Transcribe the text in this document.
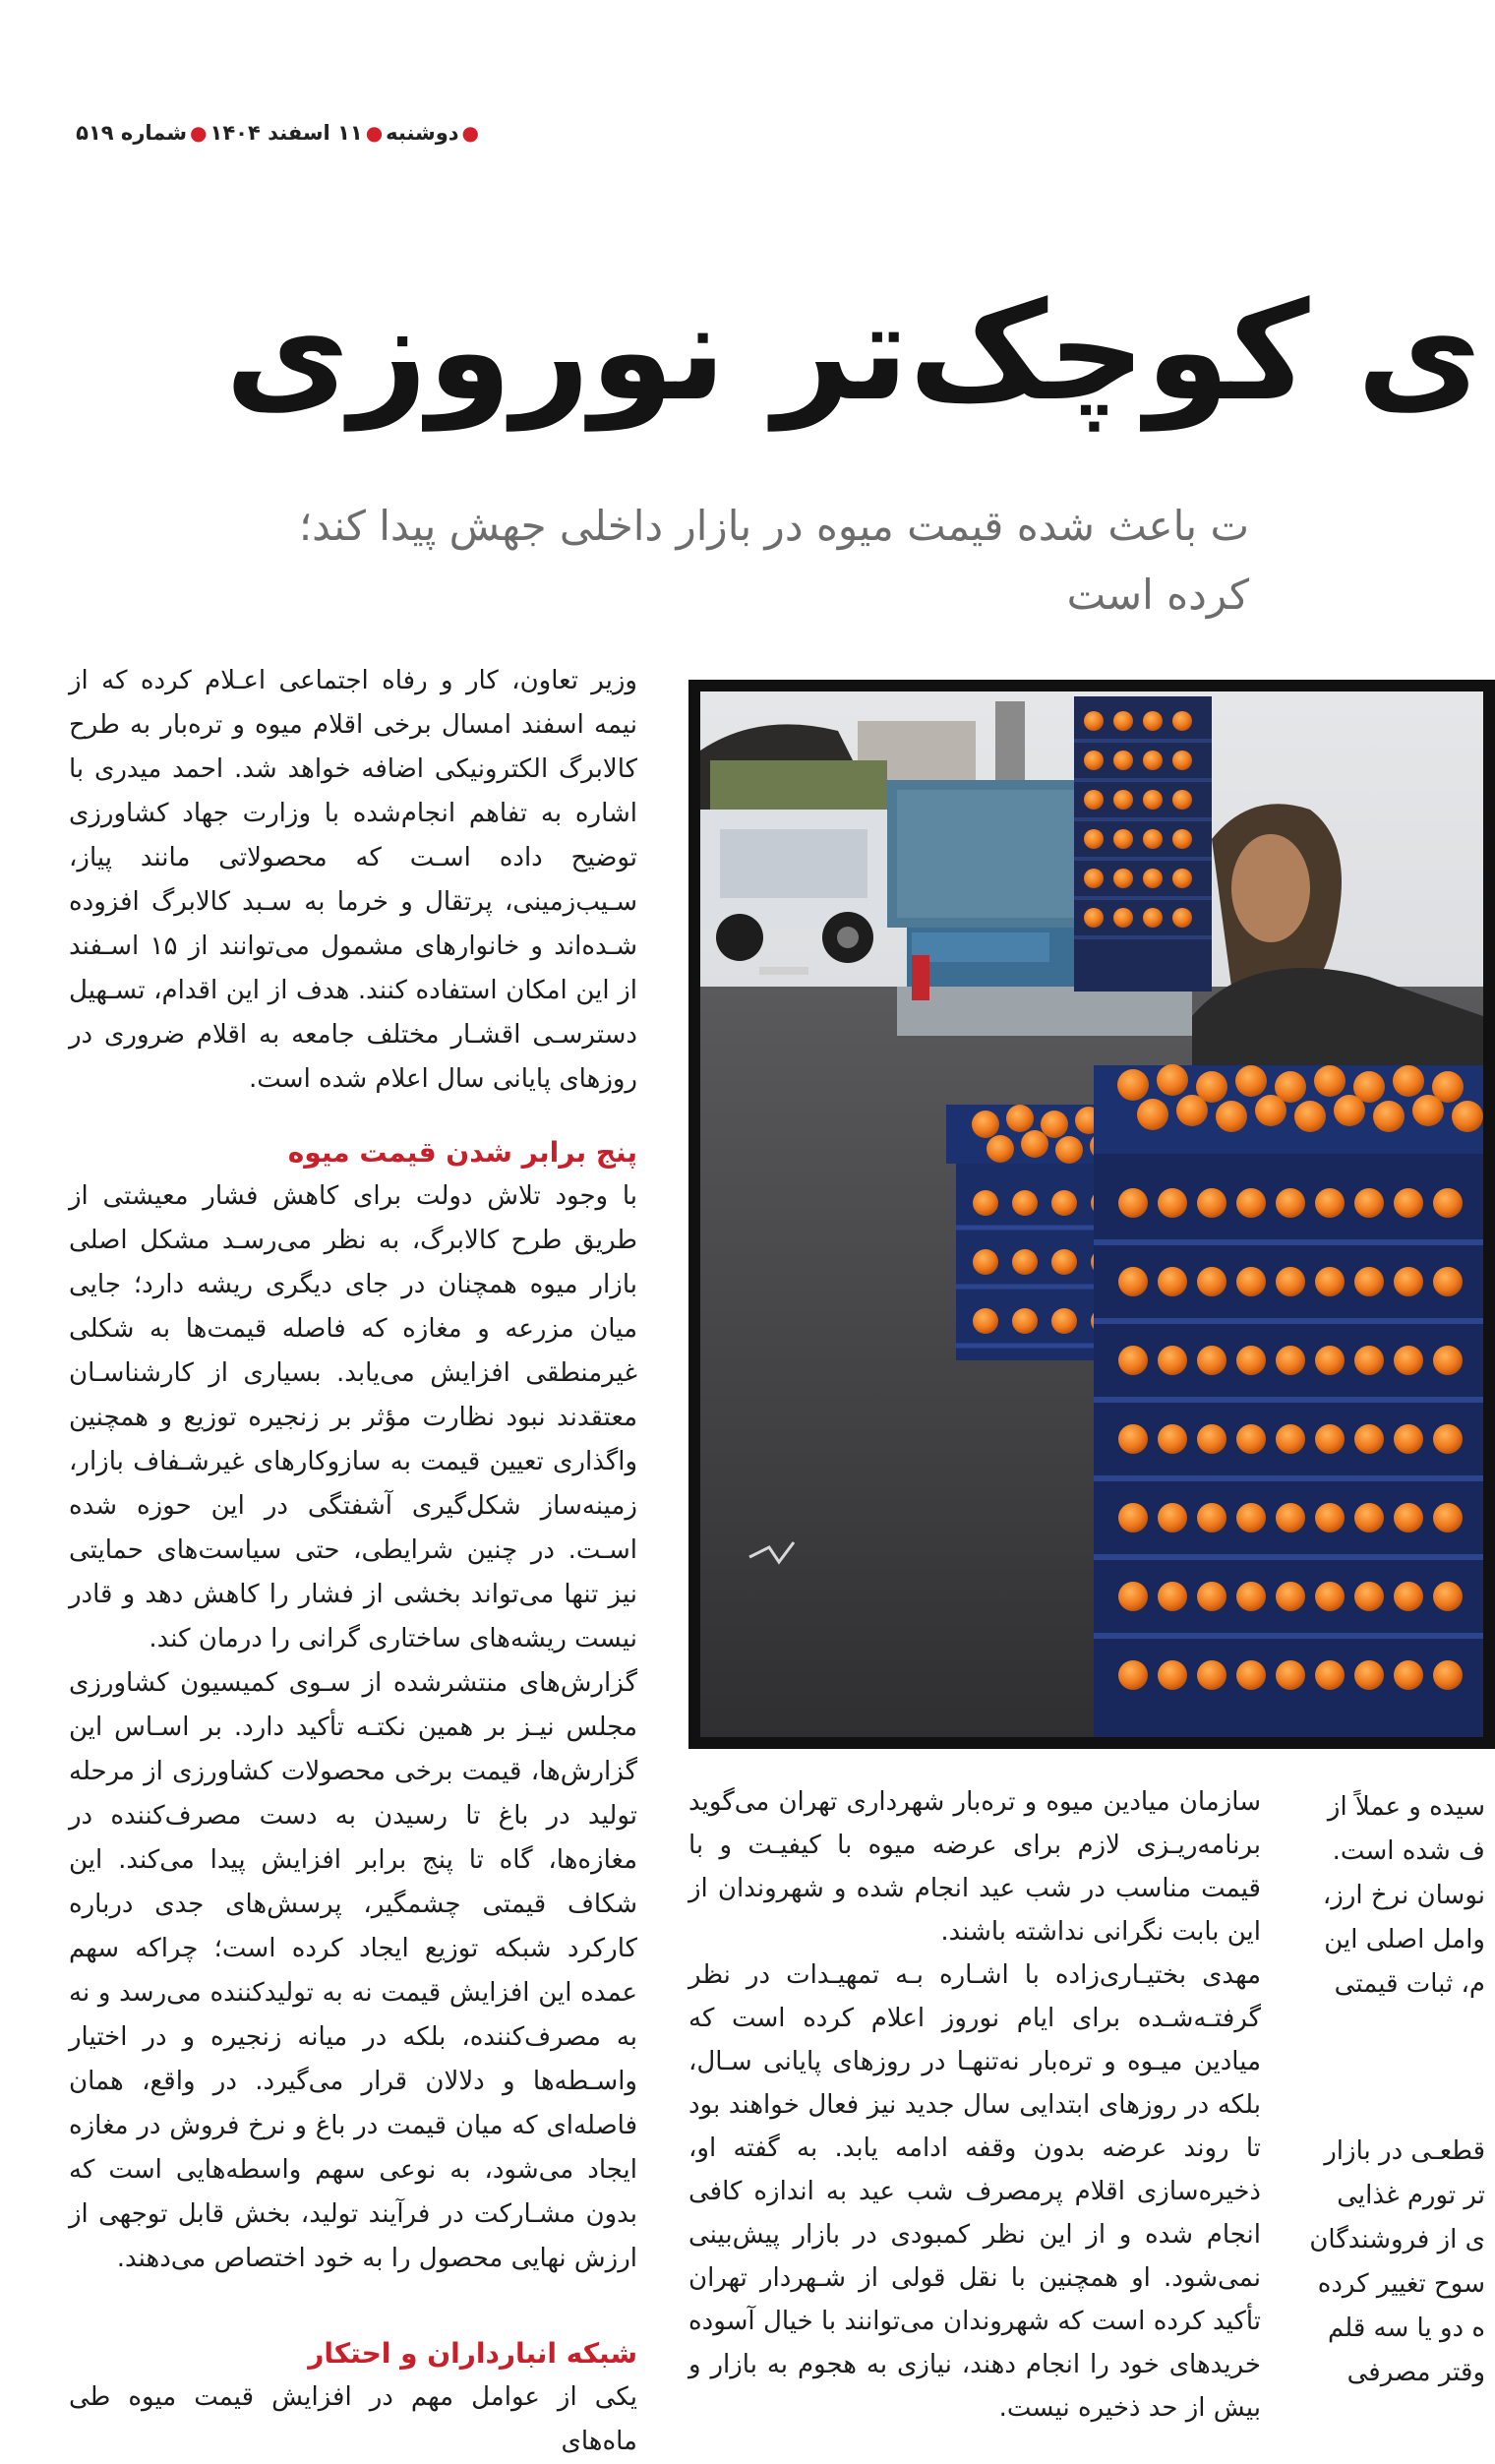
●دوشنبه●۱۱ اسفند ۱۴۰۴●شماره ۵۱۹
ی کوچک‌تر نوروزی
ت باعث شده قیمت میوه در بازار داخلی جهش پیدا کند؛
کرده است

وزیر تعاون، کار و رفاه اجتماعی اعـلام کرده که از نیمه اسفند امسال برخی اقلام میوه و تره‌بار به طرح کالابرگ الکترونیکی اضافه خواهد شد. احمد میدری با اشاره به تفاهم انجام‌شده با وزارت جهاد کشاورزی توضیح داده اسـت که محصولاتی مانند پیاز، سـیب‌زمینی، پرتقال و خرما به سـبد کالابرگ افزوده شـده‌اند و خانوارهای مشمول می‌توانند از ۱۵ اسـفند از این امکان استفاده کنند. هدف از این اقدام، تسـهیل دسترسـی اقشـار مختلف جامعه به اقلام ضروری در روزهای پایانی سال اعلام شده است.

پنج برابر شدن قیمت میوه

با وجود تلاش دولت برای کاهش فشار معیشتی از طریق طرح کالابرگ، به نظر می‌رسـد مشکل اصلی بازار میوه همچنان در جای دیگری ریشه دارد؛ جایی میان مزرعه و مغازه که فاصله قیمت‌ها به شکلی غیرمنطقی افزایش می‌یابد. بسیاری از کارشناسـان معتقدند نبود نظارت مؤثر بر زنجیره توزیع و همچنین واگذاری تعیین قیمت به سازوکارهای غیرشـفاف بازار، زمینه‌ساز شکل‌گیری آشفتگی در این حوزه شده اسـت. در چنین شرایطی، حتی سیاست‌های حمایتی نیز تنها می‌تواند بخشی از فشار را کاهش دهد و قادر نیست ریشه‌های ساختاری گرانی را درمان کند.

گزارش‌های منتشرشده از سـوی کمیسیون کشاورزی مجلس نیـز بر همین نکتـه تأکید دارد. بر اسـاس این گزارش‌ها، قیمت برخی محصولات کشاورزی از مرحله تولید در باغ تا رسیدن به دست مصرف‌کننده در مغازه‌ها، گاه تا پنج برابر افزایش پیدا می‌کند. این شکاف قیمتی چشمگیر، پرسش‌های جدی درباره کارکرد شبکه توزیع ایجاد کرده است؛ چراکه سهم عمده این افزایش قیمت نه به تولیدکننده می‌رسد و نه به مصرف‌کننده، بلکه در میانه زنجیره و در اختیار واسـطه‌ها و دلالان قرار می‌گیرد. در واقع، همان فاصله‌ای که میان قیمت در باغ و نرخ فروش در مغازه ایجاد می‌شود، به نوعی سهم واسطه‌هایی است که بدون مشـارکت در فرآیند تولید، بخش قابل توجهی از ارزش نهایی محصول را به خود اختصاص می‌دهند.

شبکه انبارداران و احتکار

یکی از عوامل مهم در افزایش قیمت میوه طی ماه‌های

سازمان میادین میوه و تره‌بار شهرداری تهران می‌گوید برنامه‌ریـزی لازم برای عرضه میوه با کیفیـت و با قیمت مناسب در شب عید انجام شده و شهروندان از این بابت نگرانی نداشته باشند.

مهدی بختیـاری‌زاده با اشـاره بـه تمهیـدات در نظر گرفتـه‌شـده برای ایام نوروز اعلام کرده است که میادین میـوه و تره‌بار نه‌تنهـا در روزهای پایانی سـال، بلکه در روزهای ابتدایی سال جدید نیز فعال خواهند بود تا روند عرضه بدون وقفه ادامه یابد. به گفته او، ذخیره‌سازی اقلام پرمصرف شب عید به اندازه کافی انجام شده و از این نظر کمبودی در بازار پیش‌بینی نمی‌شود. او همچنین با نقل قولی از شـهردار تهران تأکید کرده است که شهروندان می‌توانند با خیال آسوده خریدهای خود را انجام دهند، نیازی به هجوم به بازار و بیش از حد ذخیره نیست.

سیده و عملاً از
ف شده است.
نوسان نرخ ارز،
وامل اصلی این
م، ثبات قیمتی
قطعـی در بازار
تر تورم غذایی
ی از فروشندگان
سوح تغییر کرده
ه دو یا سه قلم
وقتر مصرفی
